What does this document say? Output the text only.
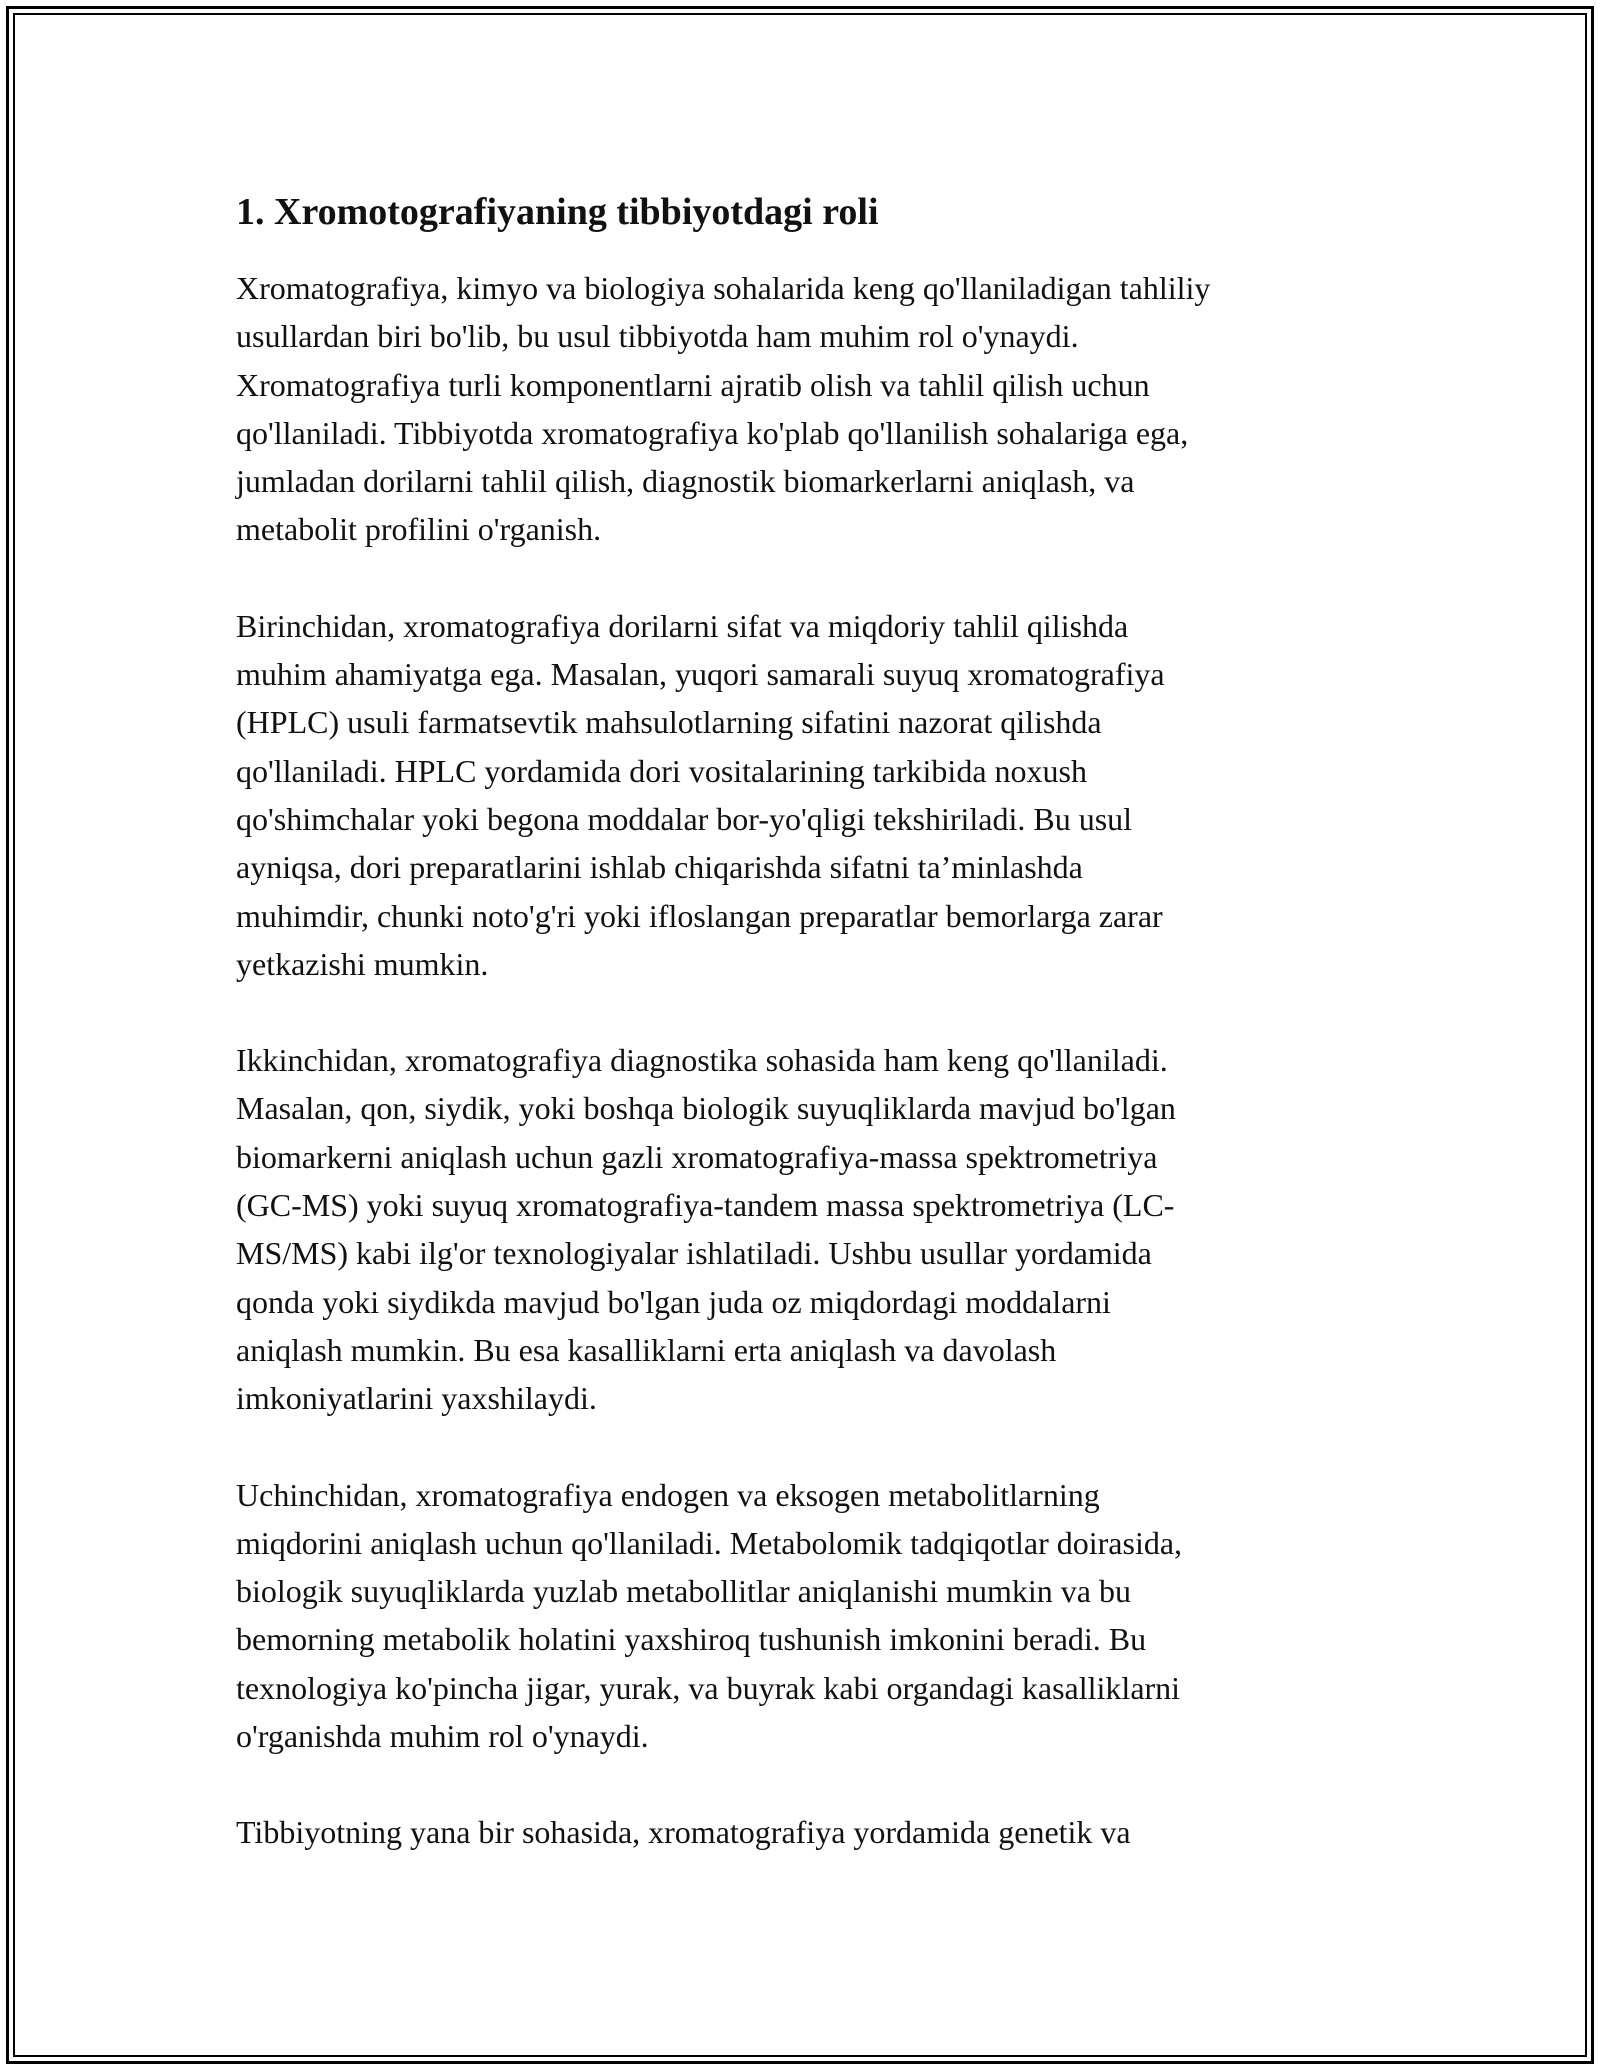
1. Xromotografiyaning tibbiyotdagi roli

Xromatografiya, kimyo va biologiya sohalarida keng qo'llaniladigan tahliliy
usullardan biri bo'lib, bu usul tibbiyotda ham muhim rol o'ynaydi.
Xromatografiya turli komponentlarni ajratib olish va tahlil qilish uchun
qo'llaniladi. Tibbiyotda xromatografiya ko'plab qo'llanilish sohalariga ega,
jumladan dorilarni tahlil qilish, diagnostik biomarkerlarni aniqlash, va
metabolit profilini o'rganish.

Birinchidan, xromatografiya dorilarni sifat va miqdoriy tahlil qilishda
muhim ahamiyatga ega. Masalan, yuqori samarali suyuq xromatografiya
(HPLC) usuli farmatsevtik mahsulotlarning sifatini nazorat qilishda
qo'llaniladi. HPLC yordamida dori vositalarining tarkibida noxush
qo'shimchalar yoki begona moddalar bor-yo'qligi tekshiriladi. Bu usul
ayniqsa, dori preparatlarini ishlab chiqarishda sifatni ta’minlashda
muhimdir, chunki noto'g'ri yoki ifloslangan preparatlar bemorlarga zarar
yetkazishi mumkin.

Ikkinchidan, xromatografiya diagnostika sohasida ham keng qo'llaniladi.
Masalan, qon, siydik, yoki boshqa biologik suyuqliklarda mavjud bo'lgan
biomarkerni aniqlash uchun gazli xromatografiya-massa spektrometriya
(GC-MS) yoki suyuq xromatografiya-tandem massa spektrometriya (LC-
MS/MS) kabi ilg'or texnologiyalar ishlatiladi. Ushbu usullar yordamida
qonda yoki siydikda mavjud bo'lgan juda oz miqdordagi moddalarni
aniqlash mumkin. Bu esa kasalliklarni erta aniqlash va davolash
imkoniyatlarini yaxshilaydi.

Uchinchidan, xromatografiya endogen va eksogen metabolitlarning
miqdorini aniqlash uchun qo'llaniladi. Metabolomik tadqiqotlar doirasida,
biologik suyuqliklarda yuzlab metabollitlar aniqlanishi mumkin va bu
bemorning metabolik holatini yaxshiroq tushunish imkonini beradi. Bu
texnologiya ko'pincha jigar, yurak, va buyrak kabi organdagi kasalliklarni
o'rganishda muhim rol o'ynaydi.

Tibbiyotning yana bir sohasida, xromatografiya yordamida genetik va
